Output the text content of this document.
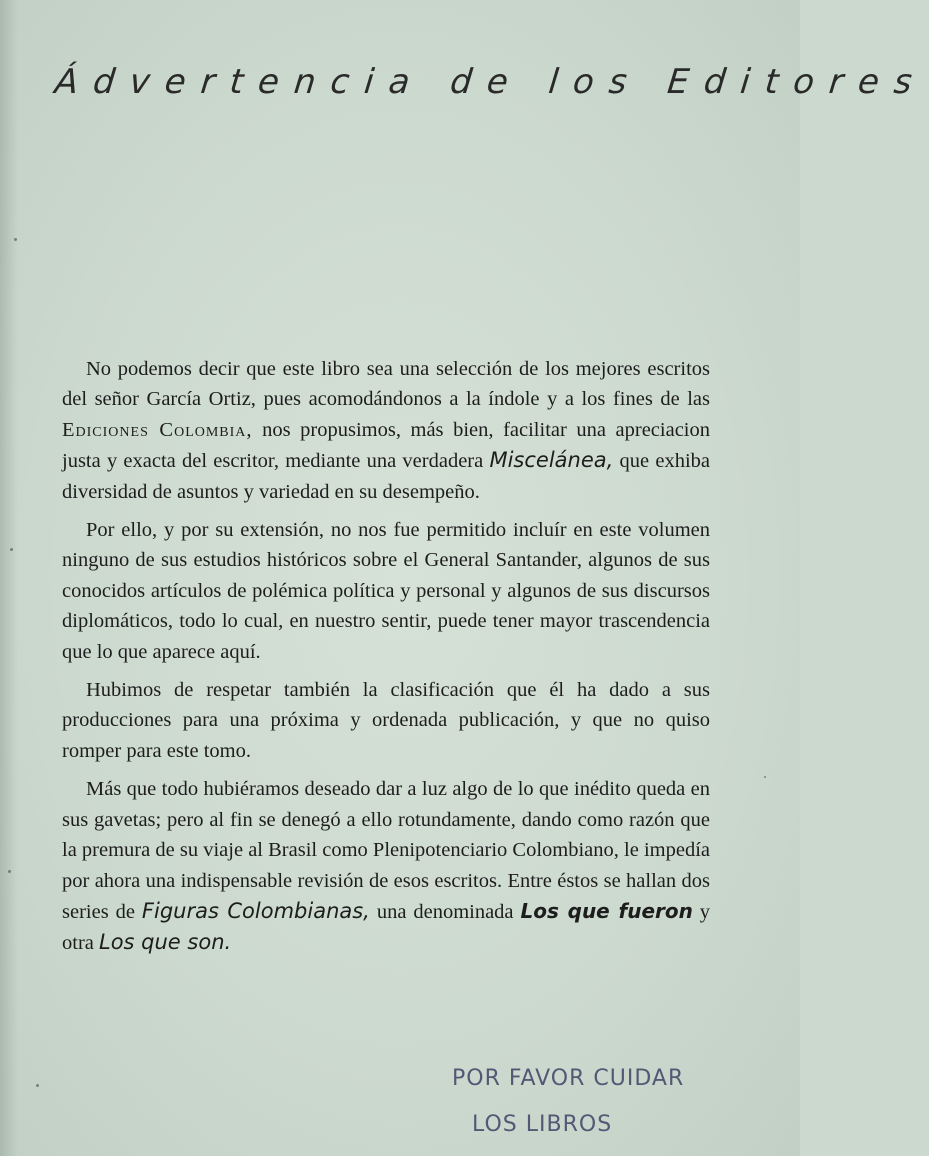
Ádvertencia de los Editores

No podemos decir que este libro sea una selección de los mejores escritos del señor García Ortiz, pues acomodándonos a la índole y a los fines de las Ediciones Colombia, nos propusimos, más bien, facilitar una apreciacion justa y exacta del escritor, mediante una verdadera Miscelánea, que exhiba diversidad de asuntos y variedad en su desempeño.

Por ello, y por su extensión, no nos fue permitido incluír en este volumen ninguno de sus estudios históricos sobre el General Santander, algunos de sus conocidos artículos de polémica política y personal y algunos de sus discursos diplomáticos, todo lo cual, en nuestro sentir, puede tener mayor trascendencia que lo que aparece aquí.

Hubimos de respetar también la clasificación que él ha dado a sus producciones para una próxima y ordenada publicación, y que no quiso romper para este tomo.

Más que todo hubiéramos deseado dar a luz algo de lo que inédito queda en sus gavetas; pero al fin se denegó a ello rotundamente, dando como razón que la premura de su viaje al Brasil como Plenipotenciario Colombiano, le impedía por ahora una indispensable revisión de esos escritos. Entre éstos se hallan dos series de Figuras Colombianas, una denominada Los que fueron y otra Los que son.

POR FAVOR CUIDAR
LOS LIBROS
